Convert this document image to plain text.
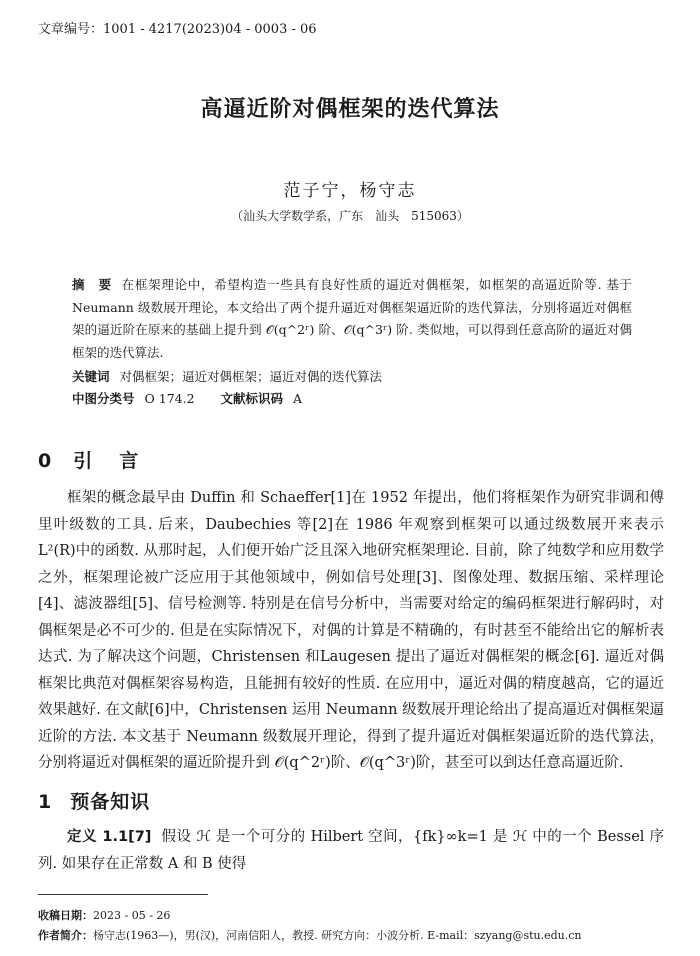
文章编号：1001 - 4217(2023)04 - 0003 - 06
高逼近阶对偶框架的迭代算法
范子宁，杨守志
（汕头大学数学系，广东　汕头　515063）
摘　要 在框架理论中，希望构造一些具有良好性质的逼近对偶框架，如框架的高逼近阶等. 基于 Neumann 级数展开理论，本文给出了两个提升逼近对偶框架逼近阶的迭代算法，分别将逼近对偶框架的逼近阶在原来的基础上提升到 𝒪(q^2ʳ) 阶、𝒪(q^3ʳ) 阶. 类似地，可以得到任意高阶的逼近对偶框架的迭代算法.
关键词 对偶框架；逼近对偶框架；逼近对偶的迭代算法
中图分类号 O 174.2 文献标识码 A
0 引　言

框架的概念最早由 Duffin 和 Schaeffer[1]在 1952 年提出，他们将框架作为研究非调和傅里叶级数的工具. 后来，Daubechies 等[2]在 1986 年观察到框架可以通过级数展开来表示 L²(R)中的函数. 从那时起，人们便开始广泛且深入地研究框架理论. 目前，除了纯数学和应用数学之外，框架理论被广泛应用于其他领域中，例如信号处理[3]、图像处理、数据压缩、采样理论[4]、滤波器组[5]、信号检测等. 特别是在信号分析中，当需要对给定的编码框架进行解码时，对偶框架是必不可少的. 但是在实际情况下，对偶的计算是不精确的，有时甚至不能给出它的解析表达式. 为了解决这个问题，Christensen 和Laugesen 提出了逼近对偶框架的概念[6]. 逼近对偶框架比典范对偶框架容易构造，且能拥有较好的性质. 在应用中，逼近对偶的精度越高，它的逼近效果越好. 在文献[6]中，Christensen 运用 Neumann 级数展开理论给出了提高逼近对偶框架逼近阶的方法. 本文基于 Neumann 级数展开理论，得到了提升逼近对偶框架逼近阶的迭代算法，分别将逼近对偶框架的逼近阶提升到 𝒪(q^2ʳ)阶、𝒪(q^3ʳ)阶，甚至可以到达任意高逼近阶.

1 预备知识

定义 1.1[7] 假设 ℋ 是一个可分的 Hilbert 空间，{fk}∞k=1 是 ℋ 中的一个 Bessel 序列. 如果存在正常数 A 和 B 使得

收稿日期：2023 - 05 - 26
作者简介：杨守志(1963—)，男(汉)，河南信阳人，教授. 研究方向：小波分析. E-mail：szyang@stu.edu.cn
